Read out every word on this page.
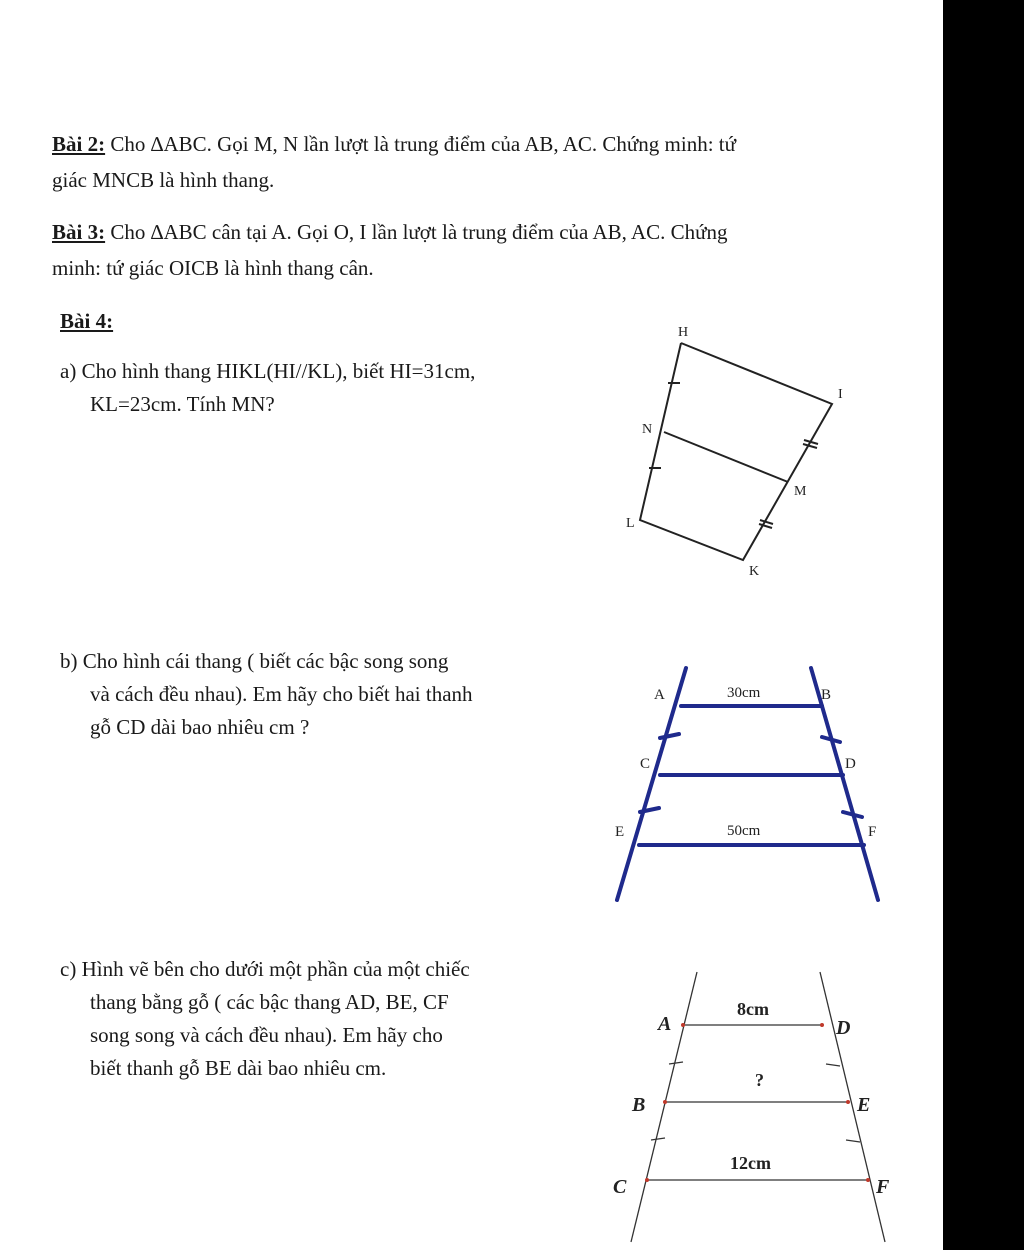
Bài 2: Cho ∆ABC. Gọi M, N lần lượt là trung điểm của AB, AC. Chứng minh: tứ
giác MNCB là hình thang.
Bài 3: Cho ∆ABC cân tại A. Gọi O, I lần lượt là trung điểm của AB, AC. Chứng
minh: tứ giác OICB là hình thang cân.
Bài 4:
a) Cho hình thang HIKL(HI//KL), biết HI=31cm,
KL=23cm. Tính MN?
H
I
N
M
L
K
b) Cho hình cái thang ( biết các bậc song song
và cách đều nhau). Em hãy cho biết hai thanh
gỗ CD dài bao nhiêu cm ?
A	30cm	B
C	D
E	50cm	F
c) Hình vẽ bên cho dưới một phần của một chiếc
thang bằng gỗ ( các bậc thang AD, BE, CF
song song và cách đều nhau). Em hãy cho
biết thanh gỗ BE dài bao nhiêu cm.
A	D
B	E
C	F
8cm
?
12cm
